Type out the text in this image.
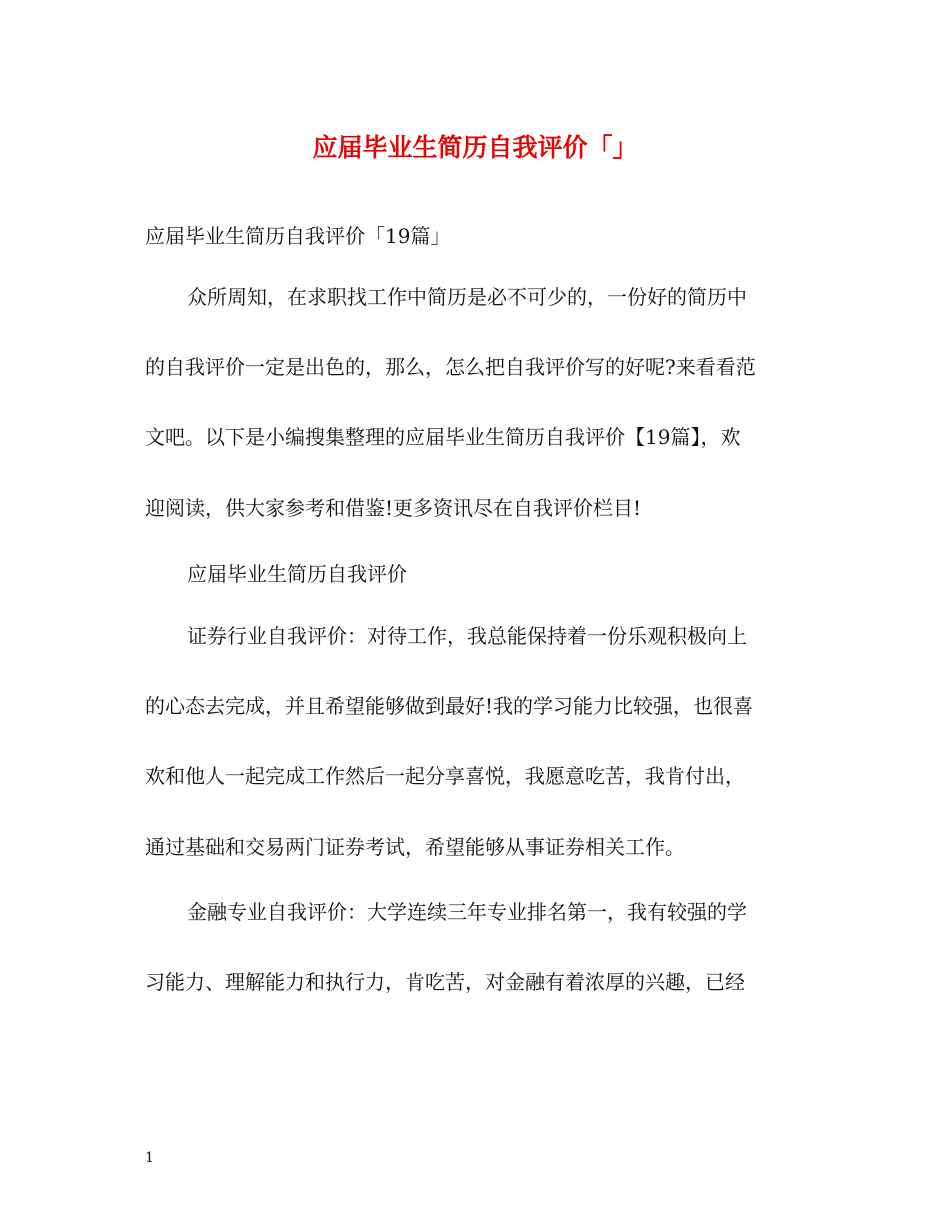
应届毕业生简历自我评价「」
应届毕业生简历自我评价「19篇」
众所周知，在求职找工作中简历是必不可少的，一份好的简历中
的自我评价一定是出色的，那么，怎么把自我评价写的好呢?来看看范
文吧。以下是小编搜集整理的应届毕业生简历自我评价【19篇】，欢
迎阅读，供大家参考和借鉴!更多资讯尽在自我评价栏目!
应届毕业生简历自我评价
证券行业自我评价：对待工作，我总能保持着一份乐观积极向上
的心态去完成，并且希望能够做到最好!我的学习能力比较强，也很喜
欢和他人一起完成工作然后一起分享喜悦，我愿意吃苦，我肯付出，
通过基础和交易两门证券考试，希望能够从事证券相关工作。
金融专业自我评价：大学连续三年专业排名第一，我有较强的学
习能力、理解能力和执行力，肯吃苦，对金融有着浓厚的兴趣，已经
1
